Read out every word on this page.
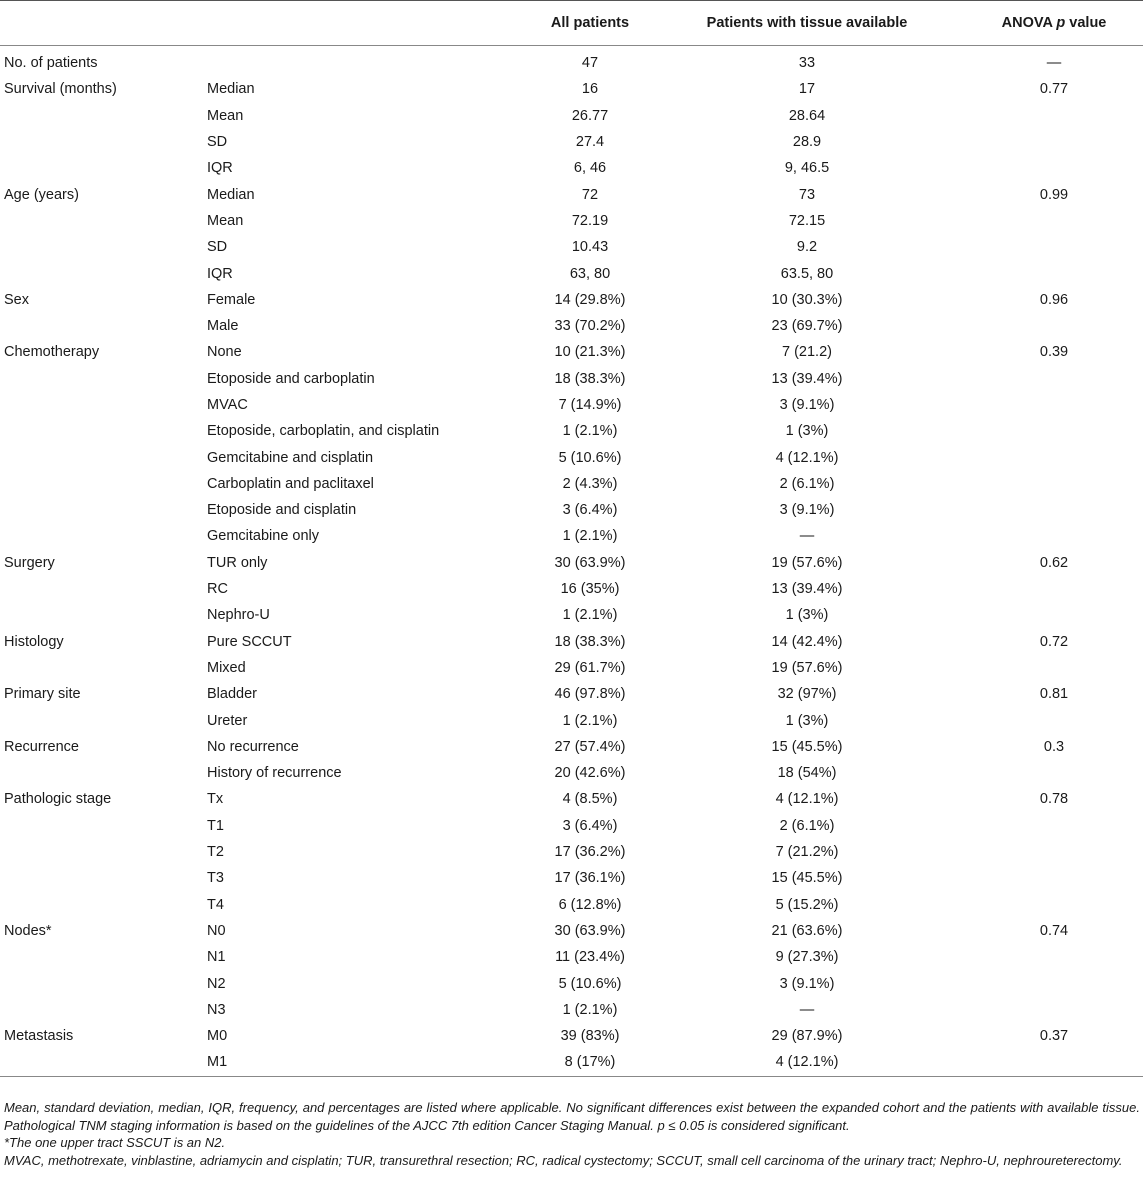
		All patients	Patients with tissue available	ANOVA p value
No. of patients		47	33	—
Survival (months)	Median	16	17	0.77
	Mean	26.77	28.64	
	SD	27.4	28.9	
	IQR	6, 46	9, 46.5	
Age (years)	Median	72	73	0.99
	Mean	72.19	72.15	
	SD	10.43	9.2	
	IQR	63, 80	63.5, 80	
Sex	Female	14 (29.8%)	10 (30.3%)	0.96
	Male	33 (70.2%)	23 (69.7%)	
Chemotherapy	None	10 (21.3%)	7 (21.2)	0.39
	Etoposide and carboplatin	18 (38.3%)	13 (39.4%)	
	MVAC	7 (14.9%)	3 (9.1%)	
	Etoposide, carboplatin, and cisplatin	1 (2.1%)	1 (3%)	
	Gemcitabine and cisplatin	5 (10.6%)	4 (12.1%)	
	Carboplatin and paclitaxel	2 (4.3%)	2 (6.1%)	
	Etoposide and cisplatin	3 (6.4%)	3 (9.1%)	
	Gemcitabine only	1 (2.1%)	—	
Surgery	TUR only	30 (63.9%)	19 (57.6%)	0.62
	RC	16 (35%)	13 (39.4%)	
	Nephro-U	1 (2.1%)	1 (3%)	
Histology	Pure SCCUT	18 (38.3%)	14 (42.4%)	0.72
	Mixed	29 (61.7%)	19 (57.6%)	
Primary site	Bladder	46 (97.8%)	32 (97%)	0.81
	Ureter	1 (2.1%)	1 (3%)	
Recurrence	No recurrence	27 (57.4%)	15 (45.5%)	0.3
	History of recurrence	20 (42.6%)	18 (54%)	
Pathologic stage	Tx	4 (8.5%)	4 (12.1%)	0.78
	T1	3 (6.4%)	2 (6.1%)	
	T2	17 (36.2%)	7 (21.2%)	
	T3	17 (36.1%)	15 (45.5%)	
	T4	6 (12.8%)	5 (15.2%)	
Nodes*	N0	30 (63.9%)	21 (63.6%)	0.74
	N1	11 (23.4%)	9 (27.3%)	
	N2	5 (10.6%)	3 (9.1%)	
	N3	1 (2.1%)	—	
Metastasis	M0	39 (83%)	29 (87.9%)	0.37
	M1	8 (17%)	4 (12.1%)	

Mean, standard deviation, median, IQR, frequency, and percentages are listed where applicable. No significant differences exist between the expanded cohort and the patients with available tissue. Pathological TNM staging information is based on the guidelines of the AJCC 7th edition Cancer Staging Manual. p ≤ 0.05 is considered significant.

*The one upper tract SSCUT is an N2.

MVAC, methotrexate, vinblastine, adriamycin and cisplatin; TUR, transurethral resection; RC, radical cystectomy; SCCUT, small cell carcinoma of the urinary tract; Nephro-U, nephroureterectomy.
